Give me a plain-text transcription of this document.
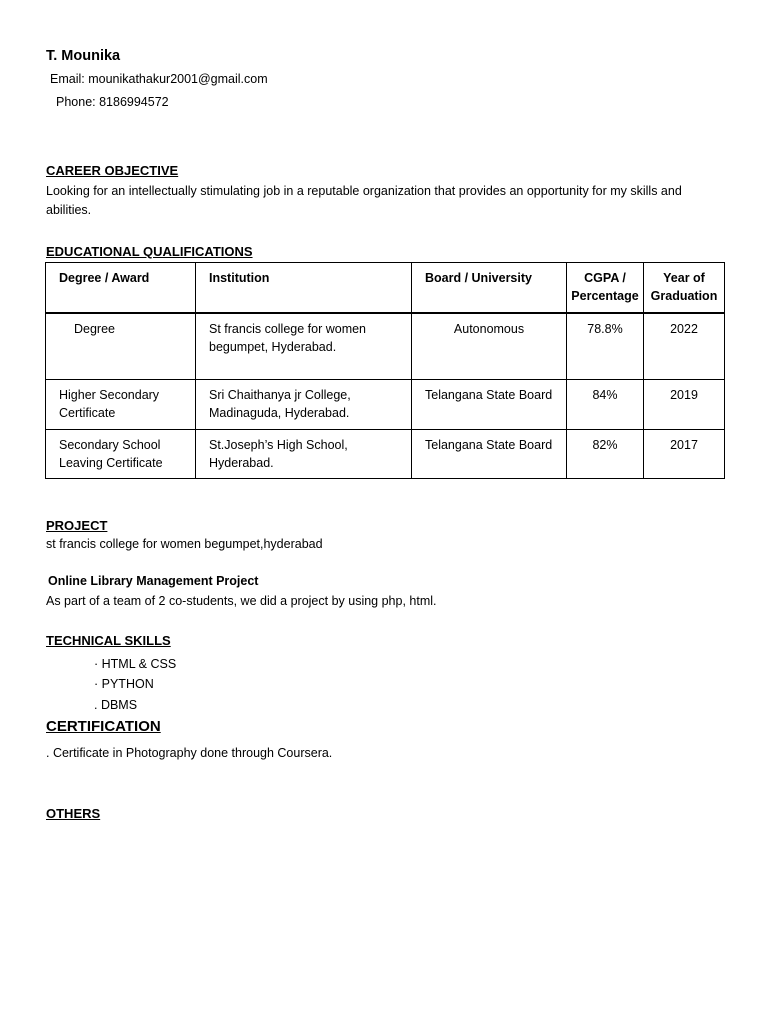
T. Mounika
Email: mounikathakur2001@gmail.com
Phone: 8186994572
CAREER OBJECTIVE
Looking for an intellectually stimulating job in a reputable organization that provides an opportunity for my skills and abilities.
EDUCATIONAL QUALIFICATIONS
Degree / Award	Institution	Board / University	CGPA / Percentage	Year of Graduation
Degree	St francis college for women begumpet, Hyderabad.	Autonomous	78.8%	2022
Higher Secondary Certificate	Sri Chaithanya jr College, Madinaguda, Hyderabad.	Telangana State Board	84%	2019
Secondary School Leaving Certificate	St.Joseph’s High School, Hyderabad.	Telangana State Board	82%	2017
PROJECT
st francis college for women begumpet,hyderabad
Online Library Management Project
As part of a team of 2 co-students, we did a project by using php, html.
TECHNICAL SKILLS
· HTML & CSS
· PYTHON
. DBMS
CERTIFICATION
. Certificate in Photography done through Coursera.
OTHERS
